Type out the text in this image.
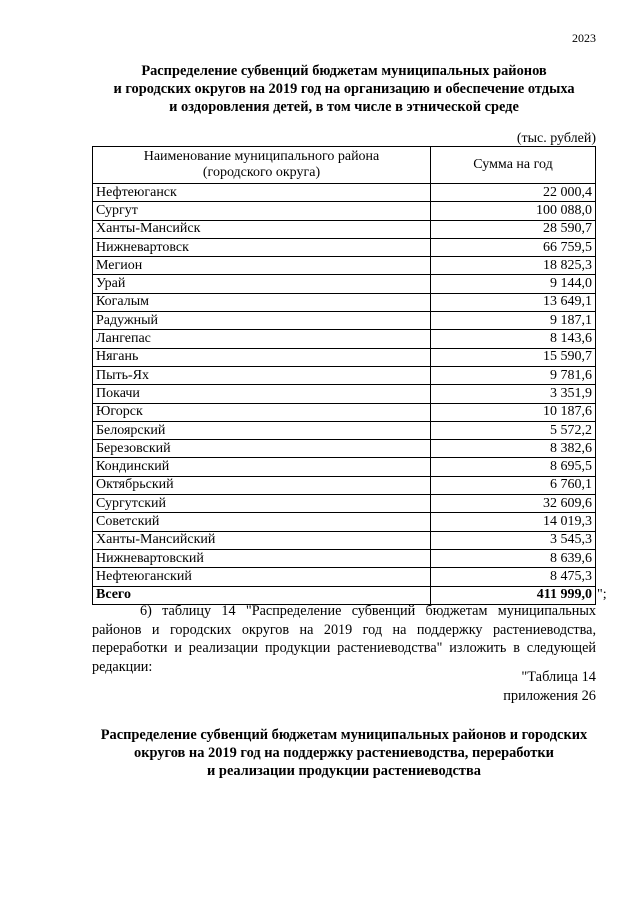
2023
Распределение субвенций бюджетам муниципальных районов
и городских округов на 2019 год на организацию и обеспечение отдыха
и оздоровления детей, в том числе в этнической среде
(тыс. рублей)
Наименование муниципального района
(городского округа)	Сумма на год
Нефтеюганск	22 000,4
Сургут	100 088,0
Ханты-Мансийск	28 590,7
Нижневартовск	66 759,5
Мегион	18 825,3
Урай	9 144,0
Когалым	13 649,1
Радужный	9 187,1
Лангепас	8 143,6
Нягань	15 590,7
Пыть-Ях	9 781,6
Покачи	3 351,9
Югорск	10 187,6
Белоярский	5 572,2
Березовский	8 382,6
Кондинский	8 695,5
Октябрьский	6 760,1
Сургутский	32 609,6
Советский	14 019,3
Ханты-Мансийский	3 545,3
Нижневартовский	8 639,6
Нефтеюганский	8 475,3
Всего	411 999,0 ";
6) таблицу 14 "Распределение субвенций бюджетам муниципальных
районов и городских округов на 2019 год на поддержку растениеводства,
переработки и реализации продукции растениеводства" изложить в следующей
редакции:
"Таблица 14
приложения 26
Распределение субвенций бюджетам муниципальных районов и городских
округов на 2019 год на поддержку растениеводства, переработки
и реализации продукции растениеводства
